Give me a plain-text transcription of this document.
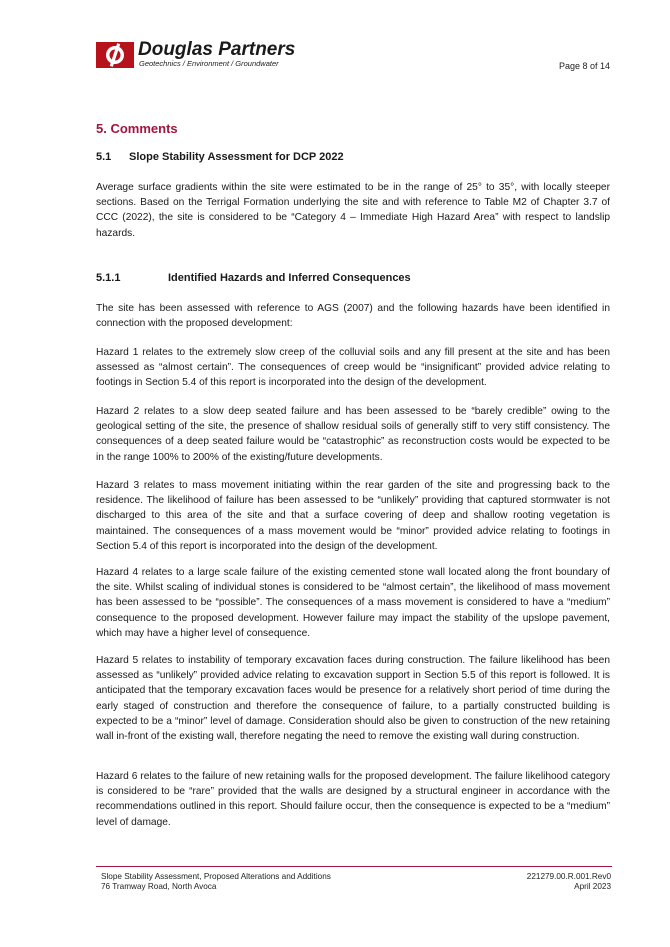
Douglas Partners
Geotechnics / Environment / Groundwater	Page 8 of 14
5. Comments
5.1 Slope Stability Assessment for DCP 2022

Average surface gradients within the site were estimated to be in the range of 25° to 35°, with locally steeper sections. Based on the Terrigal Formation underlying the site and with reference to Table M2 of Chapter 3.7 of CCC (2022), the site is considered to be “Category 4 – Immediate High Hazard Area” with respect to landslip hazards.

5.1.1	Identified Hazards and Inferred Consequences

The site has been assessed with reference to AGS (2007) and the following hazards have been identified in connection with the proposed development:

Hazard 1 relates to the extremely slow creep of the colluvial soils and any fill present at the site and has been assessed as “almost certain”. The consequences of creep would be “insignificant” provided advice relating to footings in Section 5.4 of this report is incorporated into the design of the development.

Hazard 2 relates to a slow deep seated failure and has been assessed to be “barely credible” owing to the geological setting of the site, the presence of shallow residual soils of generally stiff to very stiff consistency. The consequences of a deep seated failure would be “catastrophic” as reconstruction costs would be expected to be in the range 100% to 200% of the existing/future developments.

Hazard 3 relates to mass movement initiating within the rear garden of the site and progressing back to the residence. The likelihood of failure has been assessed to be “unlikely” providing that captured stormwater is not discharged to this area of the site and that a surface covering of deep and shallow rooting vegetation is maintained. The consequences of a mass movement would be “minor” provided advice relating to footings in Section 5.4 of this report is incorporated into the design of the development.

Hazard 4 relates to a large scale failure of the existing cemented stone wall located along the front boundary of the site. Whilst scaling of individual stones is considered to be “almost certain”, the likelihood of mass movement has been assessed to be “possible”. The consequences of a mass movement is considered to have a “medium” consequence to the proposed development. However failure may impact the stability of the upslope pavement, which may have a higher level of consequence.

Hazard 5 relates to instability of temporary excavation faces during construction. The failure likelihood has been assessed as “unlikely” provided advice relating to excavation support in Section 5.5 of this report is followed. It is anticipated that the temporary excavation faces would be presence for a relatively short period of time during the early staged of construction and therefore the consequence of failure, to a partially constructed building is expected to be a “minor” level of damage. Consideration should also be given to construction of the new retaining wall in-front of the existing wall, therefore negating the need to remove the existing wall during construction.

Hazard 6 relates to the failure of new retaining walls for the proposed development. The failure likelihood category is considered to be “rare” provided that the walls are designed by a structural engineer in accordance with the recommendations outlined in this report. Should failure occur, then the consequence is expected to be a “medium” level of damage.

Slope Stability Assessment, Proposed Alterations and Additions
76 Tramway Road, North Avoca
221279.00.R.001.Rev0
April 2023
